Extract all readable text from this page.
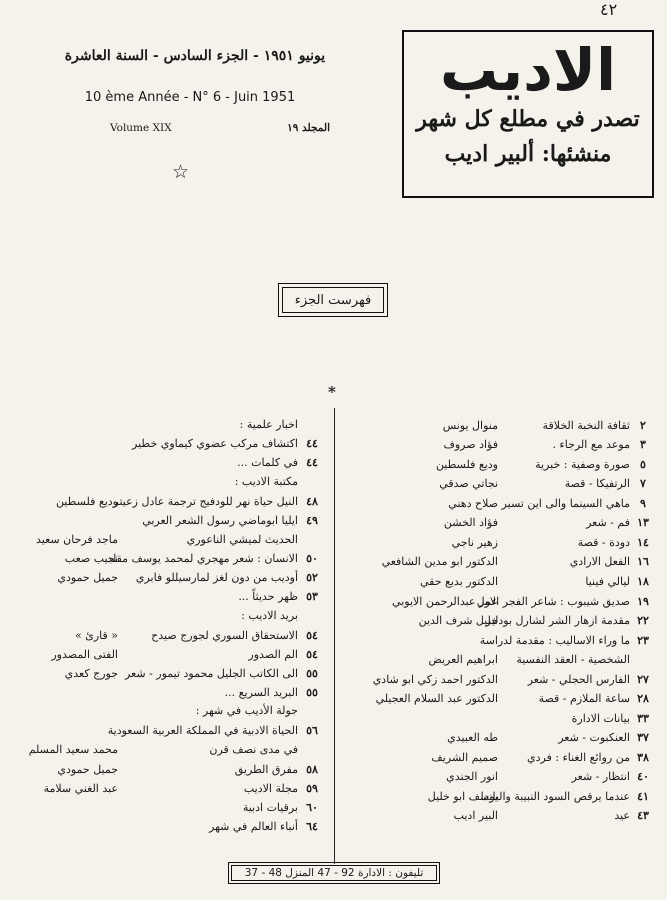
٤٢
الاديب
تصدر في مطلع كل شهر
منشئها: ألبير اديب
يونيو ١٩٥١ - الجزء السادس - السنة العاشرة
10 ème Année - N° 6 - Juin 1951
Volume XIX	المجلد ١٩
☆
فهرست الجزء
*
٢
ثقافة النخبة الخلاقة
منوال يونس
٣
موعد مع الرجاء .
فؤاد صروف
٥
صورة وصفية : خبرية
وديع فلسطين
٧
الرتفيكا - قصة
نجاتي صدقي
٩
ماهي السينما والى اين تسير
صلاح دهني
١٣
فم - شعر
فؤاد الخشن
١٤
دودة - قصة
زهير ناجي
١٦
الفعل الارادي
الدكتور ابو مدين الشافعي
١٨
ليالي فينيا
الدكتور بديع حقي
١٩
صديق شيبوب : شاعر الفجر الاول
عمر عبدالرحمن الايوبي
٢٢
مقدمة ازهار الشر لشارل بودلير
خليل شرف الدين
٢٣
ما وراء الاساليب : مقدمة لدراسة
الشخصية - العقد النفسية
ابراهيم العريض
٢٧
الفارس الحجلي - شعر
الدكتور احمد زكي ابو شادي
٢٨
ساعة الملازم - قصة
الدكتور عبد السلام العجيلي
٣٣
بيانات الادارة
٣٧
العنكبوت - شعر
طه العبيدي
٣٨
من روائع الغناء : فردي
صميم الشريف
٤٠
انتظار - شعر
انور الجندي
٤١
عندما يرقص السود النبيبة والباندا
يوسف ابو خليل
٤٣
عيد
البير اديب
اخبار علمية :
مكتبة الاديب :
الحديث لميشي الناعوري
بريد الاديب :
جولة الأديب في شهر :
في مدى نصف قرن
٤٤
اكتشاف مركب عضوي كيماوي خطير
٤٤
في كلمات ...
٤٨
النيل حياة نهر للودفيج ترجمة عادل زعيتر
وديع فلسطين
٤٩
ايليا ابوماضي رسول الشعر العربي
ماجد فرحان سعيد
٥٠
الانسان : شعر مهجري لمحمد يوسف مقلد
نجيب صعب
٥٢
أوديب من دون لغز لمارسيللو فابري
جميل حمودي
٥٣
ظهر حديثاً ...
٥٤
الاستحقاق السوري لجورج صيدح
« قارئ »
٥٤
الم الصدور
الفتى المصدور
٥٥
الى الكاتب الجليل محمود تيمور - شعر
جورج كعدي
٥٥
البريد السريع ...
٥٦
الحياة الادبية في المملكة العربية السعودية
محمد سعيد المسلم
٥٨
مفرق الطريق
جميل حمودي
٥٩
مجلة الاديب
عبد الغني سلامة
٦٠
برقيات ادبية
٦٤
أنباء العالم في شهر
تليفون : الادارة 47 - 92 المنزل 37 - 48
